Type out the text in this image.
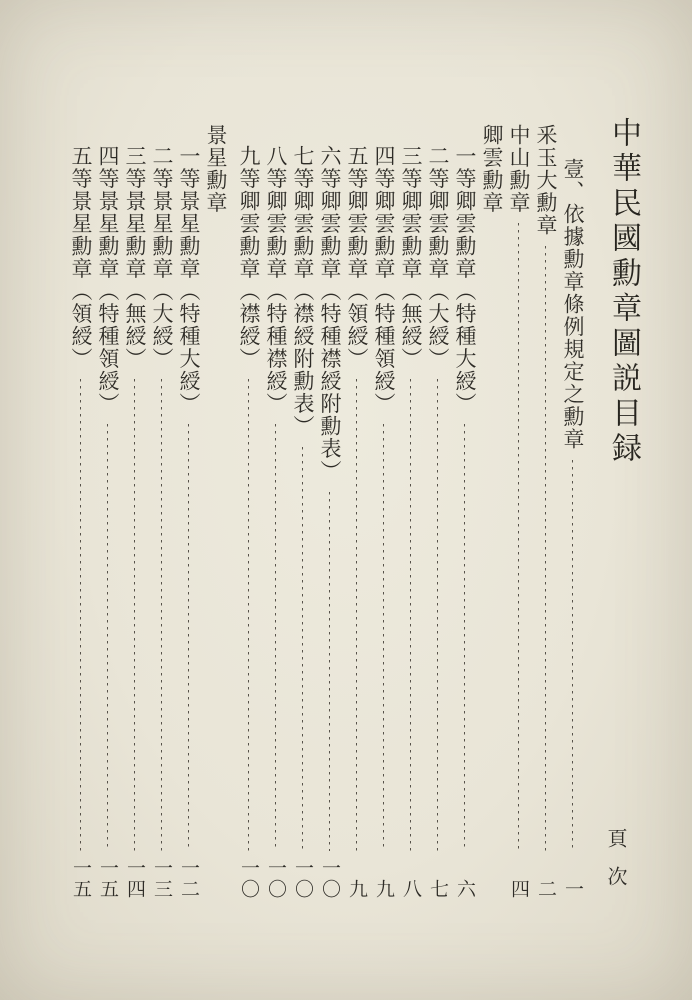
頁次
中華民國勳章圖説目録
壹、依據勳章條例規定之勳章
一
釆玉大勳章
二
中山勳章
四
卿雲勳章
一等卿雲勳章（特種大綬）
六
二等卿雲勳章（大綬）
七
三等卿雲勳章（無綬）
八
四等卿雲勳章（特種領綬）
九
五等卿雲勳章（領綬）
九
六等卿雲勳章（特種襟綬附勳表）
一〇
七等卿雲勳章（襟綬附勳表）
一〇
八等卿雲勳章（特種襟綬）
一〇
九等卿雲勳章（襟綬）
一〇
景星勳章
一等景星勳章（特種大綬）
一二
二等景星勳章（大綬）
一三
三等景星勳章（無綬）
一四
四等景星勳章（特種領綬）
一五
五等景星勳章（領綬）
一五
